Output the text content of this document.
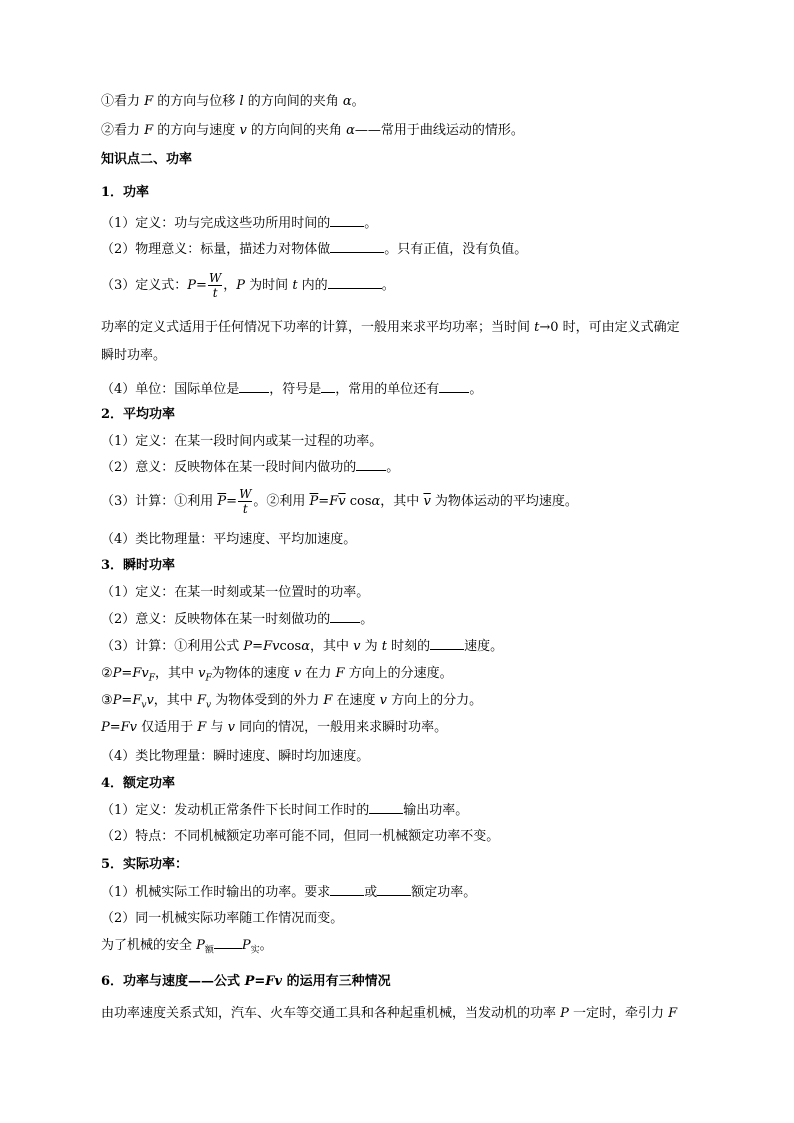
①看力 F 的方向与位移 l 的方向间的夹角 α。
②看力 F 的方向与速度 v 的方向间的夹角 α——常用于曲线运动的情形。
知识点二、功率
1．功率
（1）定义：功与完成这些功所用时间的	。
（2）物理意义：标量，描述力对物体做	。只有正值，没有负值。
（3）定义式：$P= \frac{W}{t}$ ，P 为时间 t 内的	。
功率的定义式适用于任何情况下功率的计算，一般用来求平均功率；当时间 t→0 时，可由定义式确定
瞬时功率。
（4）单位：国际单位是 ，符号是 ，常用的单位还有 。
2．平均功率
（1）定义：在某一段时间内或某一过程的功率。
（2）意义：反映物体在某一段时间内做功的 。
（3）计算：①利用 $\overline{P}= \frac{W}{t}$ 。②利用 $\overline{P}=F\overline{v}$ cosα，其中 $\overline{v}$ 为物体运动的平均速度。
（4）类比物理量：平均速度、平均加速度。
3．瞬时功率
（1）定义：在某一时刻或某一位置时的功率。
（2）意义：反映物体在某一时刻做功的 。
（3）计算：①利用公式 P=Fvcosα，其中 v 为 t 时刻的	速度。
$②P=Fv_F$，其中 $v_F$为物体的速度 v 在力 F 方向上的分速度。
$③P=F_vv$，其中 $F_v$ 为物体受到的外力 F 在速度 v 方向上的分力。
P=Fv 仅适用于 F 与 v 同向的情况，一般用来求瞬时功率。
（4）类比物理量：瞬时速度、瞬时均加速度。
4．额定功率
（1）定义：发动机正常条件下长时间工作时的	输出功率。
（2）特点：不同机械额定功率可能不同，但同一机械额定功率不变。
5．实际功率：
（1）机械实际工作时输出的功率。要求	或	额定功率。
（2）同一机械实际功率随工作情况而变。
为了机械的安全 $P_额$ $P_实$。
6．功率与速度——公式 P=Fv 的运用有三种情况
由功率速度关系式知，汽车、火车等交通工具和各种起重机械，当发动机的功率 P 一定时，牵引力 F
